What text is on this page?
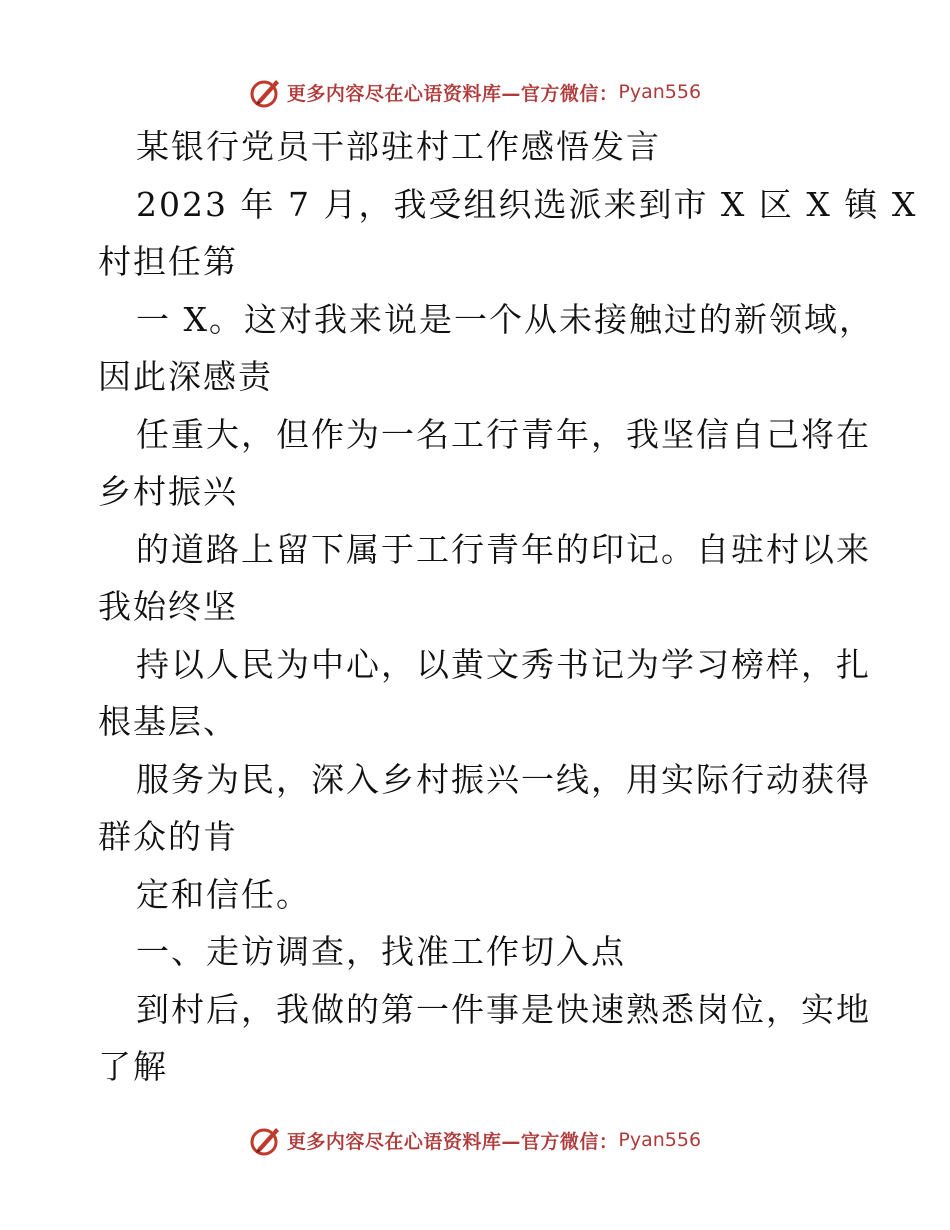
更多内容尽在心语资料库—官方微信： Pyan556
某银行党员干部驻村工作感悟发言
2023 年 7 月，我受组织选派来到市 X 区 X 镇 X
村担任第
一 X。这对我来说是一个从未接触过的新领域，
因此深感责
任重大，但作为一名工行青年，我坚信自己将在
乡村振兴
的道路上留下属于工行青年的印记。自驻村以来
我始终坚
持以人民为中心，以黄文秀书记为学习榜样，扎
根基层、
服务为民，深入乡村振兴一线，用实际行动获得
群众的肯
定和信任。
一、走访调查，找准工作切入点
到村后，我做的第一件事是快速熟悉岗位，实地
了解
更多内容尽在心语资料库—官方微信： Pyan556
